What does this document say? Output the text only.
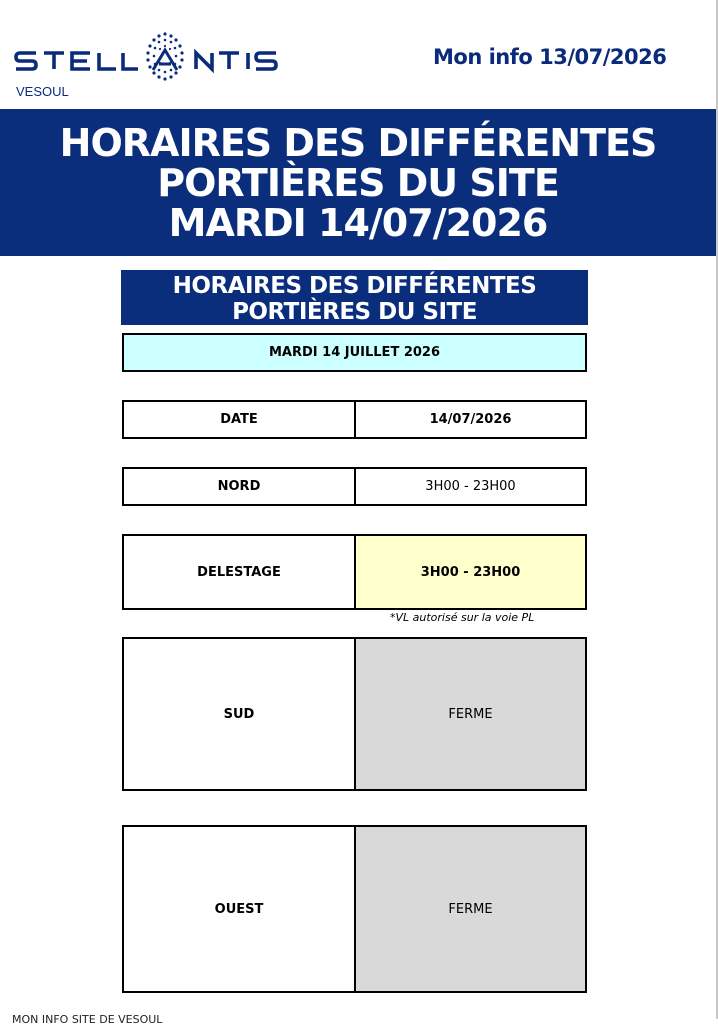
VESOUL
Mon info 13/07/2026
HORAIRES DES DIFFÉRENTES
PORTIÈRES DU SITE
MARDI 14/07/2026
HORAIRES DES DIFFÉRENTES
PORTIÈRES DU SITE
MARDI 14 JUILLET 2026
DATE	14/07/2026
NORD	3H00 - 23H00
DELESTAGE	3H00 - 23H00
*VL autorisé sur la voie PL
SUD	FERME
OUEST	FERME
MON INFO SITE DE VESOUL
